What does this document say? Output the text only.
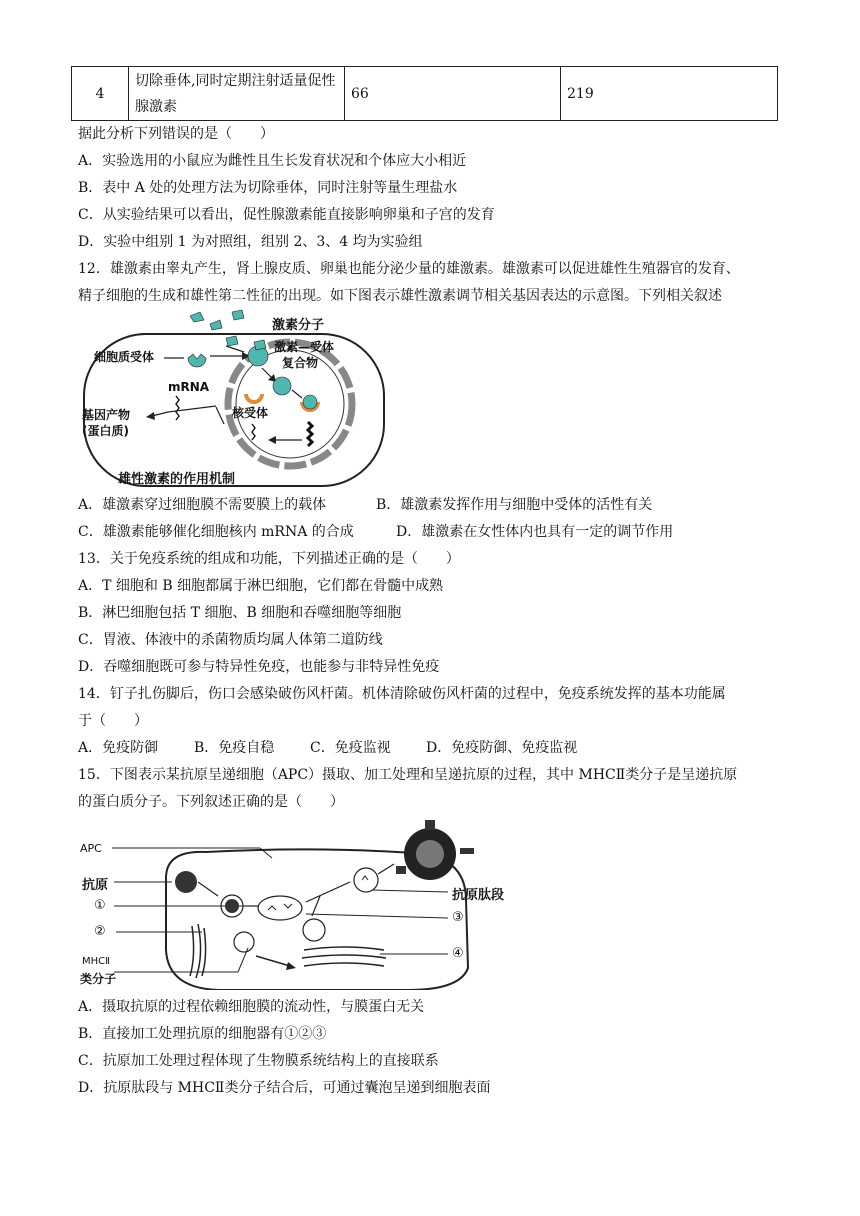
4	切除垂体,同时定期注射适量促性腺激素	66	219
据此分析下列错误的是（　　）
A．实验选用的小鼠应为雌性且生长发育状况和个体应大小相近
B．表中 A 处的处理方法为切除垂体，同时注射等量生理盐水
C．从实验结果可以看出，促性腺激素能直接影响卵巢和子宫的发育
D．实验中组别 1 为对照组，组别 2、3、4 均为实验组
12．雄激素由睾丸产生，肾上腺皮质、卵巢也能分泌少量的雄激素。雄激素可以促进雄性生殖器官的发育、
精子细胞的生成和雄性第二性征的出现。如下图表示雄性激素调节相关基因表达的示意图。下列相关叙述
激素分子
细胞质受体
激素—受体
复合物
mRNA
基因产物
(蛋白质)
核受体
雄性激素的作用机制
A．雄激素穿过细胞膜不需要膜上的载体	B．雄激素发挥作用与细胞中受体的活性有关
C．雄激素能够催化细胞核内 mRNA 的合成	D．雄激素在女性体内也具有一定的调节作用
13．关于免疫系统的组成和功能，下列描述正确的是（　　）
A．T 细胞和 B 细胞都属于淋巴细胞，它们都在骨髓中成熟
B．淋巴细胞包括 T 细胞、B 细胞和吞噬细胞等细胞
C．胃液、体液中的杀菌物质均属人体第二道防线
D．吞噬细胞既可参与特异性免疫，也能参与非特异性免疫
14．钉子扎伤脚后，伤口会感染破伤风杆菌。机体清除破伤风杆菌的过程中，免疫系统发挥的基本功能属
于（　　）
A．免疫防御	B．免疫自稳	C．免疫监视	D．免疫防御、免疫监视
15．下图表示某抗原呈递细胞（APC）摄取、加工处理和呈递抗原的过程，其中 MHCⅡ类分子是呈递抗原
的蛋白质分子。下列叙述正确的是（　　）
APC
抗原
①
②
MHCⅡ
类分子
抗原肽段
③
④
A．摄取抗原的过程依赖细胞膜的流动性，与膜蛋白无关
B．直接加工处理抗原的细胞器有①②③
C．抗原加工处理过程体现了生物膜系统结构上的直接联系
D．抗原肽段与 MHCⅡ类分子结合后，可通过囊泡呈递到细胞表面
